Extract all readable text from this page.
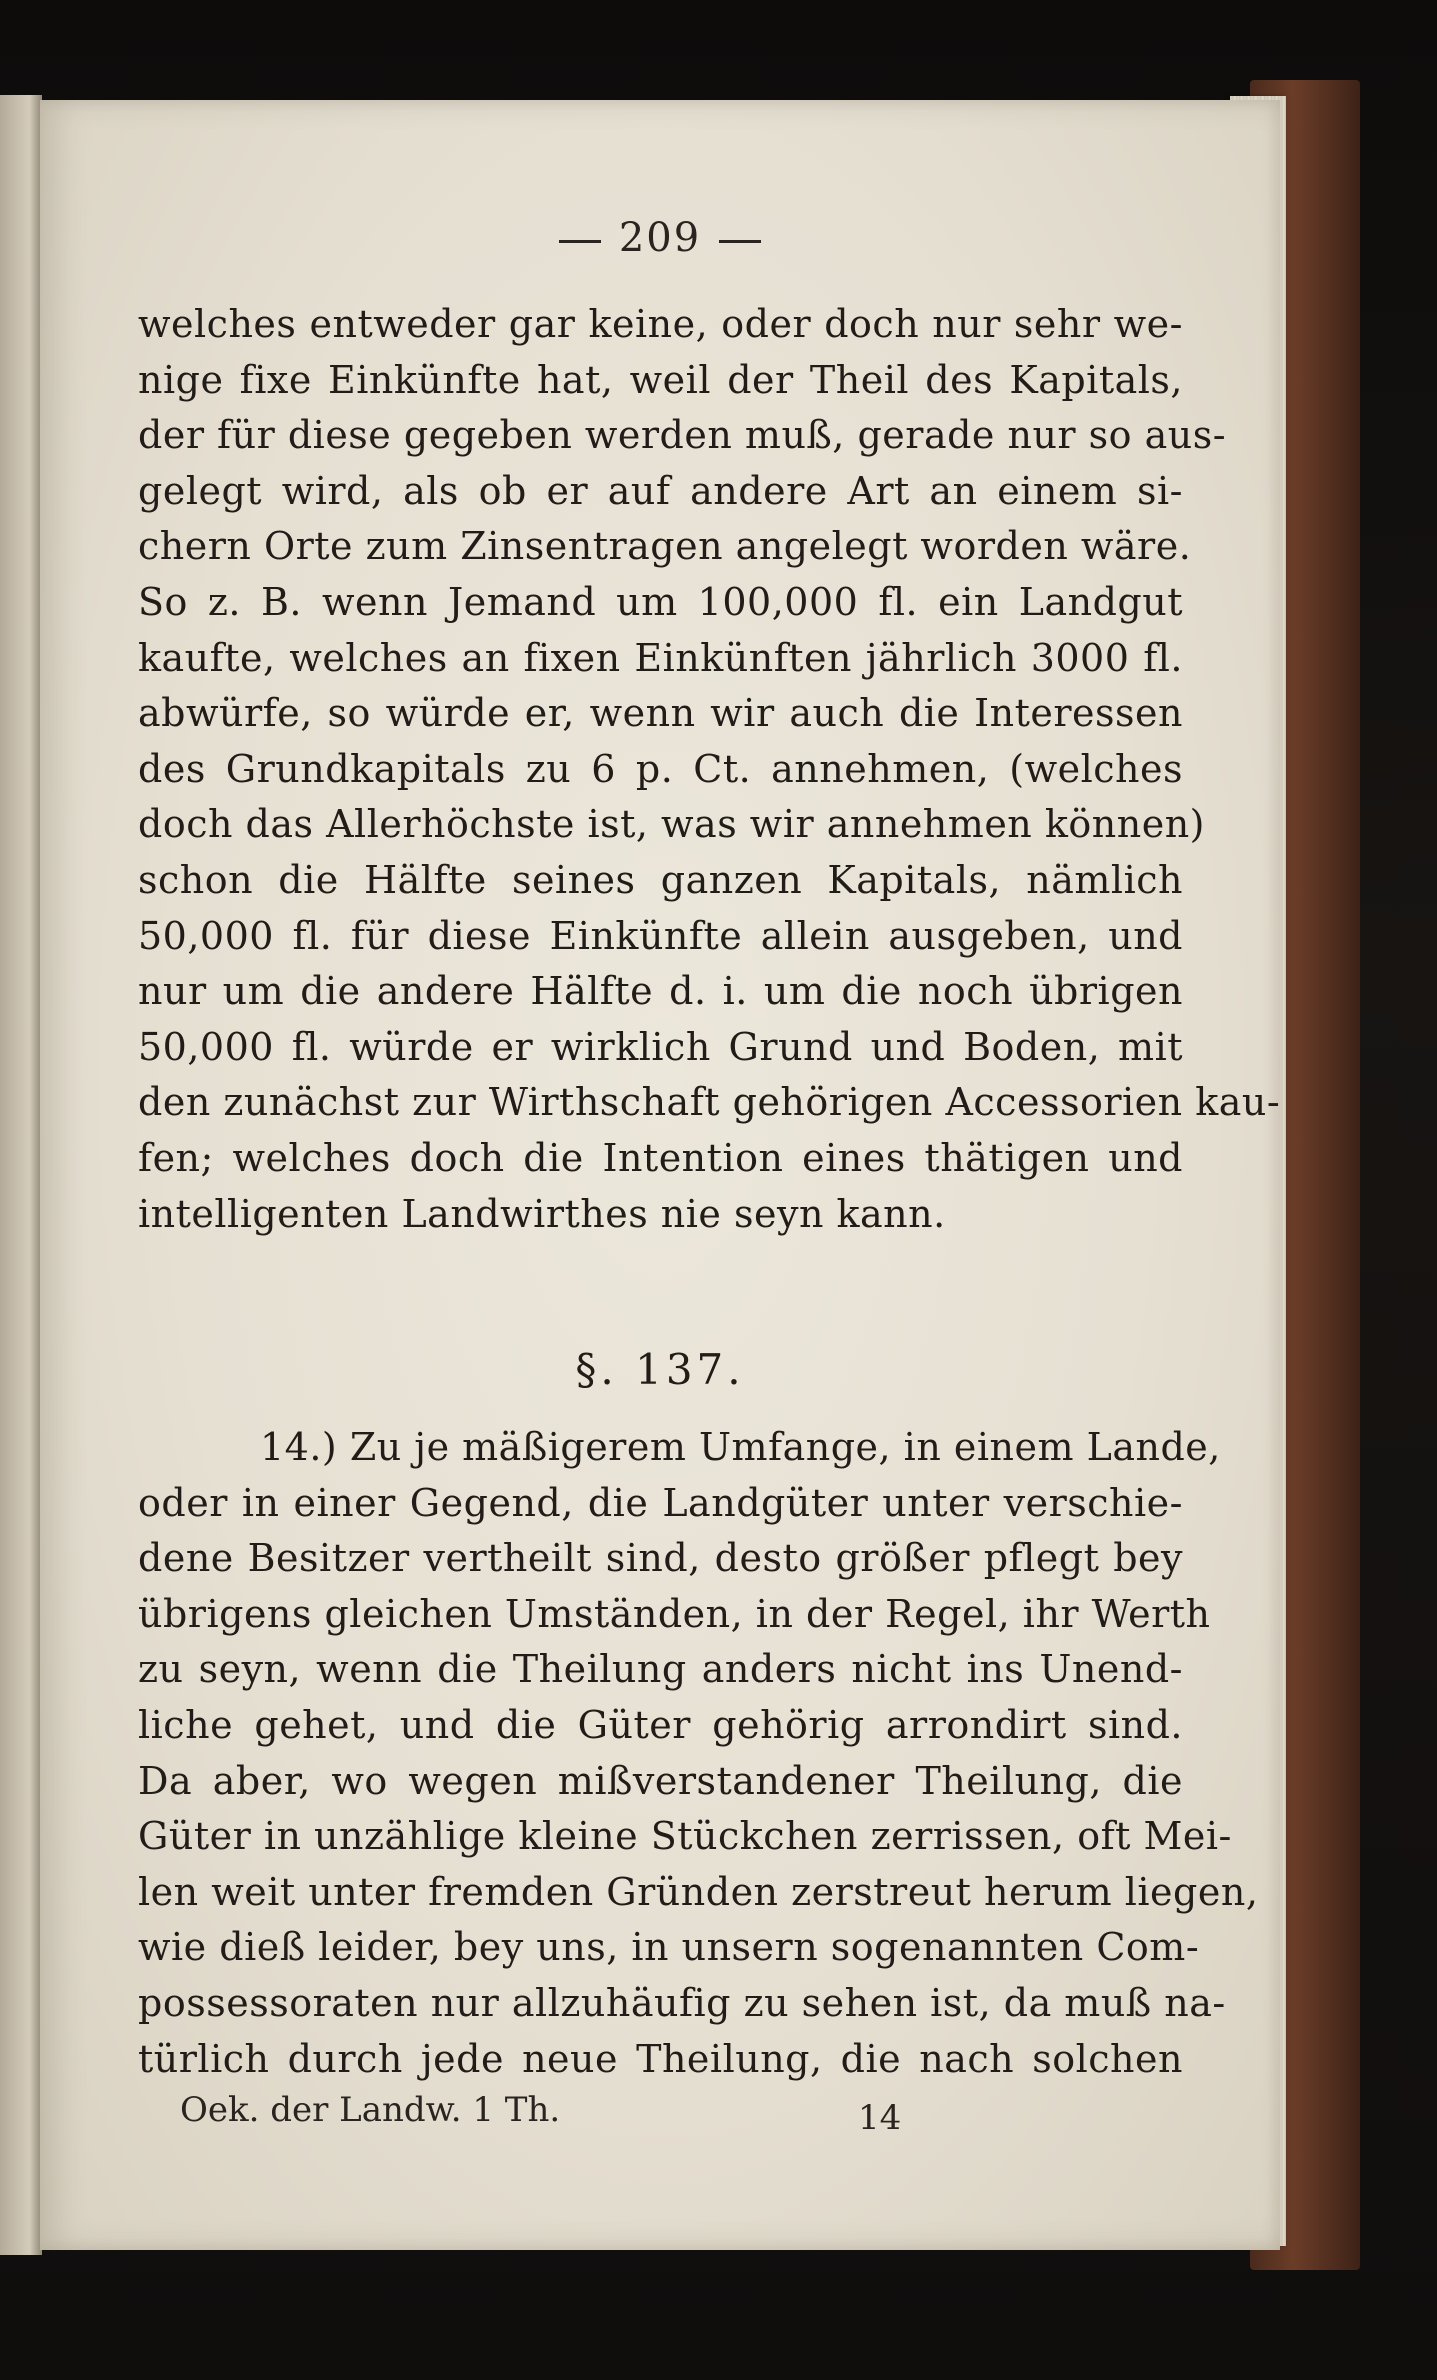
209
welches entweder gar keine, oder doch nur sehr we-
nige fixe Einkünfte hat, weil der Theil des Kapitals,
der für diese gegeben werden muß, gerade nur so aus-
gelegt wird, als ob er auf andere Art an einem si-
chern Orte zum Zinsentragen angelegt worden wäre.
So z. B. wenn Jemand um 100,000 fl. ein Landgut
kaufte, welches an fixen Einkünften jährlich 3000 fl.
abwürfe, so würde er, wenn wir auch die Interessen
des Grundkapitals zu 6 p. Ct. annehmen, (welches
doch das Allerhöchste ist, was wir annehmen können)
schon die Hälfte seines ganzen Kapitals, nämlich
50,000 fl. für diese Einkünfte allein ausgeben, und
nur um die andere Hälfte d. i. um die noch übrigen
50,000 fl. würde er wirklich Grund und Boden, mit
den zunächst zur Wirthschaft gehörigen Accessorien kau-
fen; welches doch die Intention eines thätigen und
intelligenten Landwirthes nie seyn kann.
§. 137.
14.) Zu je mäßigerem Umfange, in einem Lande,
oder in einer Gegend, die Landgüter unter verschie-
dene Besitzer vertheilt sind, desto größer pflegt bey
übrigens gleichen Umständen, in der Regel, ihr Werth
zu seyn, wenn die Theilung anders nicht ins Unend-
liche gehet, und die Güter gehörig arrondirt sind.
Da aber, wo wegen mißverstandener Theilung, die
Güter in unzählige kleine Stückchen zerrissen, oft Mei-
len weit unter fremden Gründen zerstreut herum liegen,
wie dieß leider, bey uns, in unsern sogenannten Com-
possessoraten nur allzuhäufig zu sehen ist, da muß na-
türlich durch jede neue Theilung, die nach solchen
Oek. der Landw. 1 Th.	14
